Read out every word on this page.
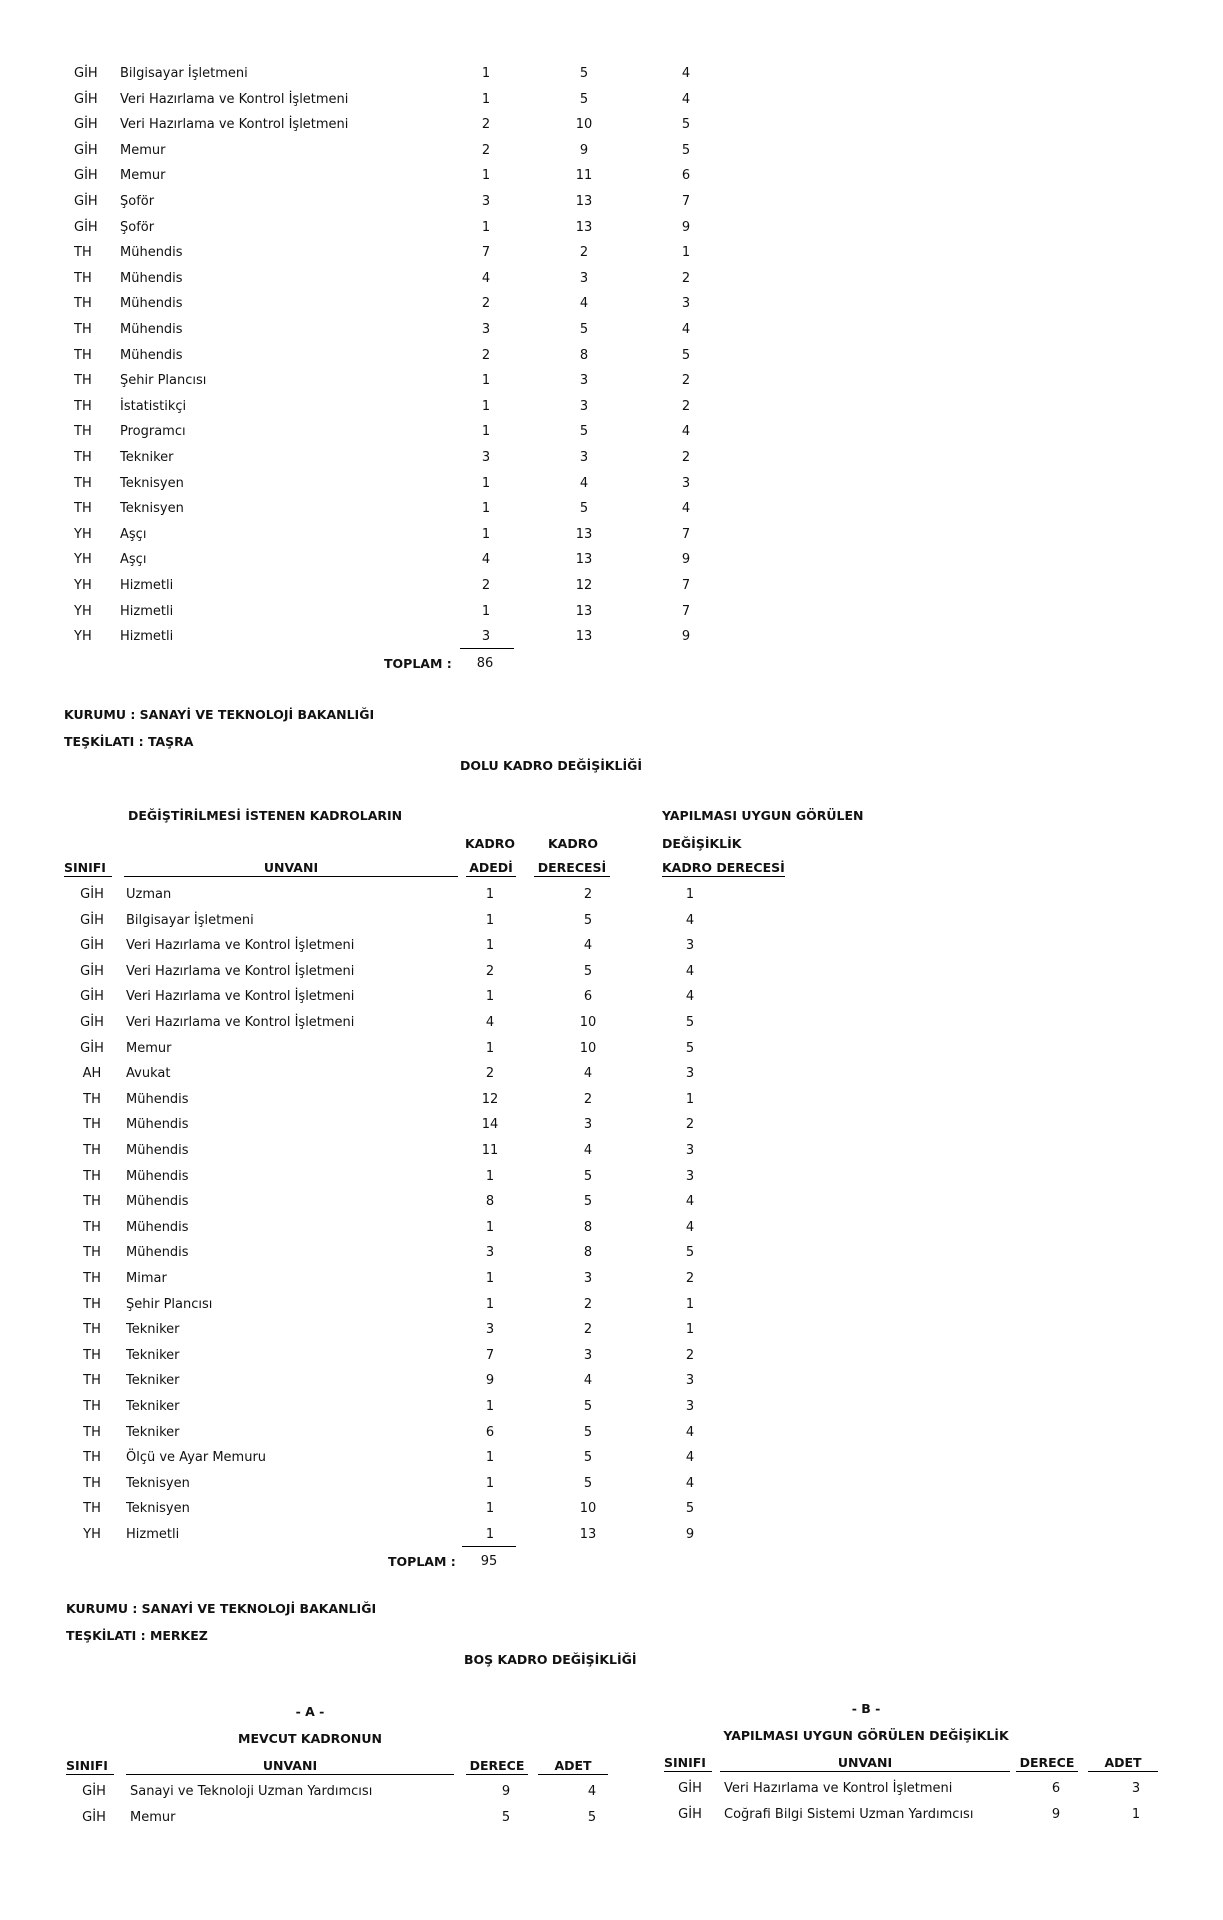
GİH	Bilgisayar İşletmeni	1	5	4
GİH	Veri Hazırlama ve Kontrol İşletmeni	1	5	4
GİH	Veri Hazırlama ve Kontrol İşletmeni	2	10	5
GİH	Memur	2	9	5
GİH	Memur	1	11	6
GİH	Şoför	3	13	7
GİH	Şoför	1	13	9
TH	Mühendis	7	2	1
TH	Mühendis	4	3	2
TH	Mühendis	2	4	3
TH	Mühendis	3	5	4
TH	Mühendis	2	8	5
TH	Şehir Plancısı	1	3	2
TH	İstatistikçi	1	3	2
TH	Programcı	1	5	4
TH	Tekniker	3	3	2
TH	Teknisyen	1	4	3
TH	Teknisyen	1	5	4
YH	Aşçı	1	13	7
YH	Aşçı	4	13	9
YH	Hizmetli	2	12	7
YH	Hizmetli	1	13	7
YH	Hizmetli	3	13	9
TOPLAM :	86
KURUMU : SANAYİ VE TEKNOLOJİ BAKANLIĞI
TEŞKİLATI : TAŞRA
DOLU KADRO DEĞİŞİKLİĞİ
DEĞİŞTİRİLMESİ İSTENEN KADROLARIN	YAPILMASI UYGUN GÖRÜLEN
DEĞİŞİKLİK
KADRO	KADRO
SINIFI	UNVANI	ADEDİ	DERECESİ	KADRO DERECESİ
GİH	Uzman	1	2	1
GİH	Bilgisayar İşletmeni	1	5	4
GİH	Veri Hazırlama ve Kontrol İşletmeni	1	4	3
GİH	Veri Hazırlama ve Kontrol İşletmeni	2	5	4
GİH	Veri Hazırlama ve Kontrol İşletmeni	1	6	4
GİH	Veri Hazırlama ve Kontrol İşletmeni	4	10	5
GİH	Memur	1	10	5
AH	Avukat	2	4	3
TH	Mühendis	12	2	1
TH	Mühendis	14	3	2
TH	Mühendis	11	4	3
TH	Mühendis	1	5	3
TH	Mühendis	8	5	4
TH	Mühendis	1	8	4
TH	Mühendis	3	8	5
TH	Mimar	1	3	2
TH	Şehir Plancısı	1	2	1
TH	Tekniker	3	2	1
TH	Tekniker	7	3	2
TH	Tekniker	9	4	3
TH	Tekniker	1	5	3
TH	Tekniker	6	5	4
TH	Ölçü ve Ayar Memuru	1	5	4
TH	Teknisyen	1	5	4
TH	Teknisyen	1	10	5
YH	Hizmetli	1	13	9
TOPLAM :	95
KURUMU : SANAYİ VE TEKNOLOJİ BAKANLIĞI
TEŞKİLATI : MERKEZ
BOŞ KADRO DEĞİŞİKLİĞİ
- A -
MEVCUT KADRONUN
- B -
YAPILMASI UYGUN GÖRÜLEN DEĞİŞİKLİK
SINIFI	UNVANI	DERECE	ADET	SINIFI	UNVANI	DERECE	ADET
GİH	Sanayi ve Teknoloji Uzman Yardımcısı	9	4
GİH	Memur	5	5
GİH	Veri Hazırlama ve Kontrol İşletmeni	6	3
GİH	Coğrafi Bilgi Sistemi Uzman Yardımcısı	9	1
